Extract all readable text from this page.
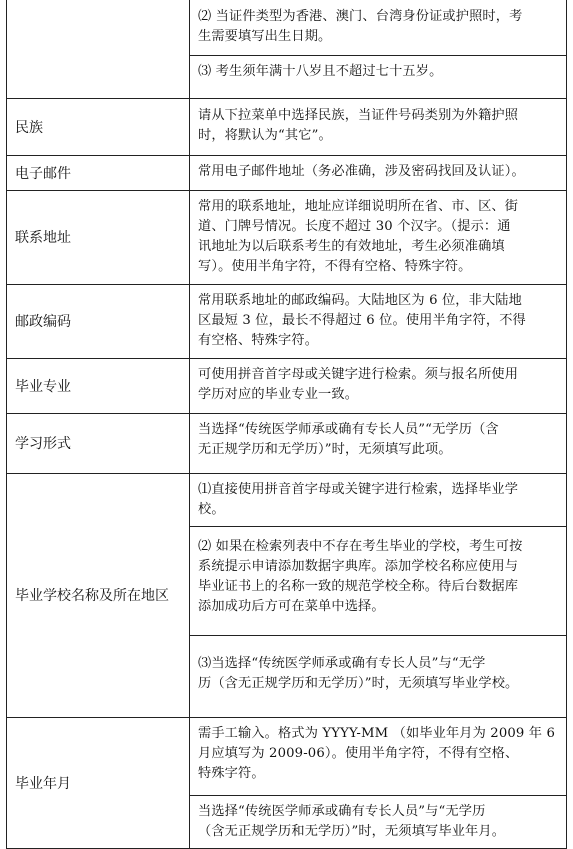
⑵ 当证件类型为香港、澳门、台湾身份证或护照时，考
生需要填写出生日期。
⑶ 考生须年满十八岁且不超过七十五岁。
民族
请从下拉菜单中选择民族，当证件号码类别为外籍护照
时，将默认为“其它”。
电子邮件	常用电子邮件地址（务必准确，涉及密码找回及认证）。
联系地址
常用的联系地址，地址应详细说明所在省、市、区、街
道、门牌号情况。长度不超过 30 个汉字。（提示：通
讯地址为以后联系考生的有效地址，考生必须准确填
写）。使用半角字符，不得有空格、特殊字符。
邮政编码
常用联系地址的邮政编码。大陆地区为 6 位，非大陆地
区最短 3 位，最长不得超过 6 位。使用半角字符，不得
有空格、特殊字符。
毕业专业
可使用拼音首字母或关键字进行检索。须与报名所使用
学历对应的毕业专业一致。
学习形式
当选择“传统医学师承或确有专长人员”“无学历（含
无正规学历和无学历）”时，无须填写此项。
毕业学校名称及所在地区
⑴直接使用拼音首字母或关键字进行检索，选择毕业学
校。
⑵ 如果在检索列表中不存在考生毕业的学校，考生可按
系统提示申请添加数据字典库。添加学校名称应使用与
毕业证书上的名称一致的规范学校全称。待后台数据库
添加成功后方可在菜单中选择。
⑶当选择“传统医学师承或确有专长人员”与“无学
历（含无正规学历和无学历）”时，无须填写毕业学校。
毕业年月
需手工输入。格式为 YYYY-MM （如毕业年月为 2009 年 6
月应填写为 2009-06）。使用半角字符，不得有空格、
特殊字符。
当选择“传统医学师承或确有专长人员”与“无学历
（含无正规学历和无学历）”时，无须填写毕业年月。
